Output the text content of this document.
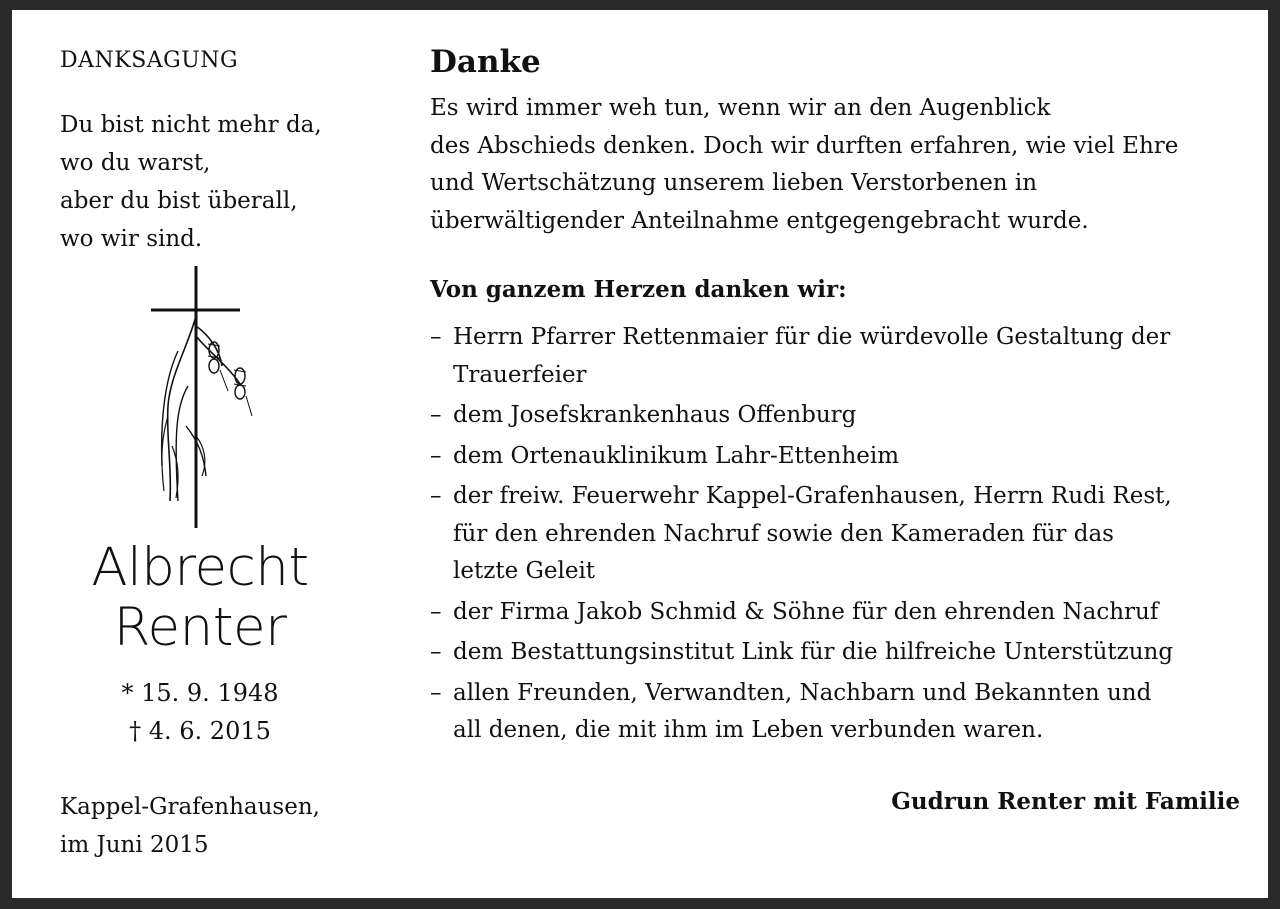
DANKSAGUNG
Du bist nicht mehr da,
wo du warst,
aber du bist überall,
wo wir sind.
Albrecht
Renter
* 15. 9. 1948
† 4. 6. 2015
Kappel-Grafenhausen,
im Juni 2015
Danke
Es wird immer weh tun, wenn wir an den Augenblick
des Abschieds denken. Doch wir durften erfahren, wie viel Ehre
und Wertschätzung unserem lieben Verstorbenen in
überwältigender Anteilnahme entgegengebracht wurde.
Von ganzem Herzen danken wir:
– Herrn Pfarrer Rettenmaier für die würdevolle Gestaltung der
Trauerfeier
– dem Josefskrankenhaus Offenburg
– dem Ortenauklinikum Lahr-Ettenheim
– der freiw. Feuerwehr Kappel-Grafenhausen, Herrn Rudi Rest,
für den ehrenden Nachruf sowie den Kameraden für das
letzte Geleit
– der Firma Jakob Schmid & Söhne für den ehrenden Nachruf
– dem Bestattungsinstitut Link für die hilfreiche Unterstützung
– allen Freunden, Verwandten, Nachbarn und Bekannten und
all denen, die mit ihm im Leben verbunden waren.
Gudrun Renter mit Familie
